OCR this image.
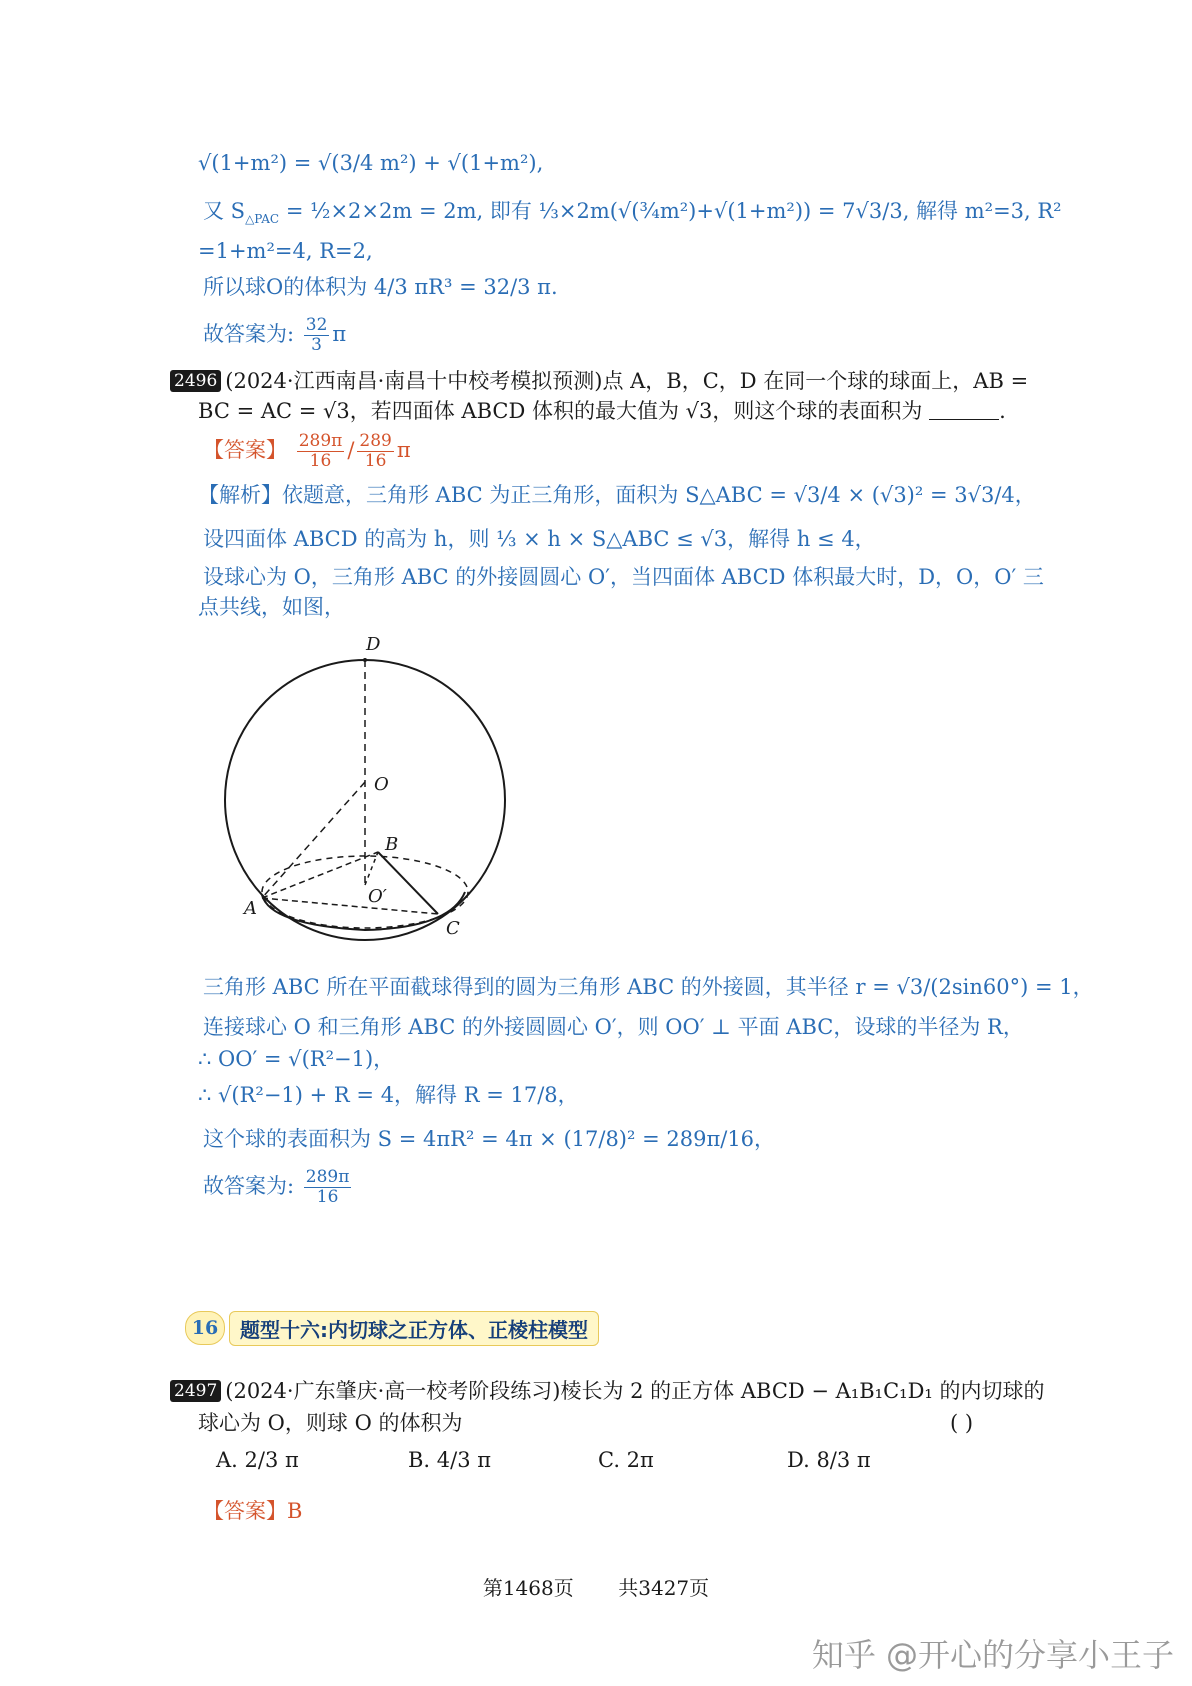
√(1+m²) = √(3/4 m²) + √(1+m²),
又 $S_{\triangle PAC}$ = ½×2×2m = 2m, 即有 ⅓×2m(√(¾m²)+√(1+m²)) = 7√3/3, 解得 m²=3, R²
=1+m²=4, R=2,
所以球O的体积为 4/3 πR³ = 32/3 π.
故答案为: $\frac{32}{3}$ π
2496 (2024·江西南昌·南昌十中校考模拟预测)点 A，B，C，D 在同一个球的球面上，AB =
BC = AC = √3，若四面体 ABCD 体积的最大值为 √3，则这个球的表面积为	.
【答案】 $\frac{289\pi}{16} / \frac{289}{16}$ π
【解析】依题意，三角形 ABC 为正三角形，面积为 S△ABC = √3/4 × (√3)² = 3√3/4，
设四面体 ABCD 的高为 h，则 ⅓ × h × S△ABC ≤ √3，解得 h ≤ 4，
设球心为 O，三角形 ABC 的外接圆圆心 O′，当四面体 ABCD 体积最大时，D，O，O′ 三
点共线，如图，
D
O
B
O′
A
C
三角形 ABC 所在平面截球得到的圆为三角形 ABC 的外接圆，其半径 r = √3/(2sin60°) = 1，
连接球心 O 和三角形 ABC 的外接圆圆心 O′，则 OO′ ⊥ 平面 ABC，设球的半径为 R，
∴ OO′ = √(R²−1)，
∴ √(R²−1) + R = 4，解得 R = 17/8，
这个球的表面积为 S = 4πR² = 4π × (17/8)² = 289π/16，
故答案为: $\frac{289\pi}{16}$
16	题型十六:内切球之正方体、正棱柱模型
2497 (2024·广东肇庆·高一校考阶段练习)棱长为 2 的正方体 ABCD − A₁B₁C₁D₁ 的内切球的
球心为 O，则球 O 的体积为	( )
A. 2/3 π	B. 4/3 π	C. 2π	D. 8/3 π
【答案】B
第1468页 共3427页
知乎 @开心的分享小王子
